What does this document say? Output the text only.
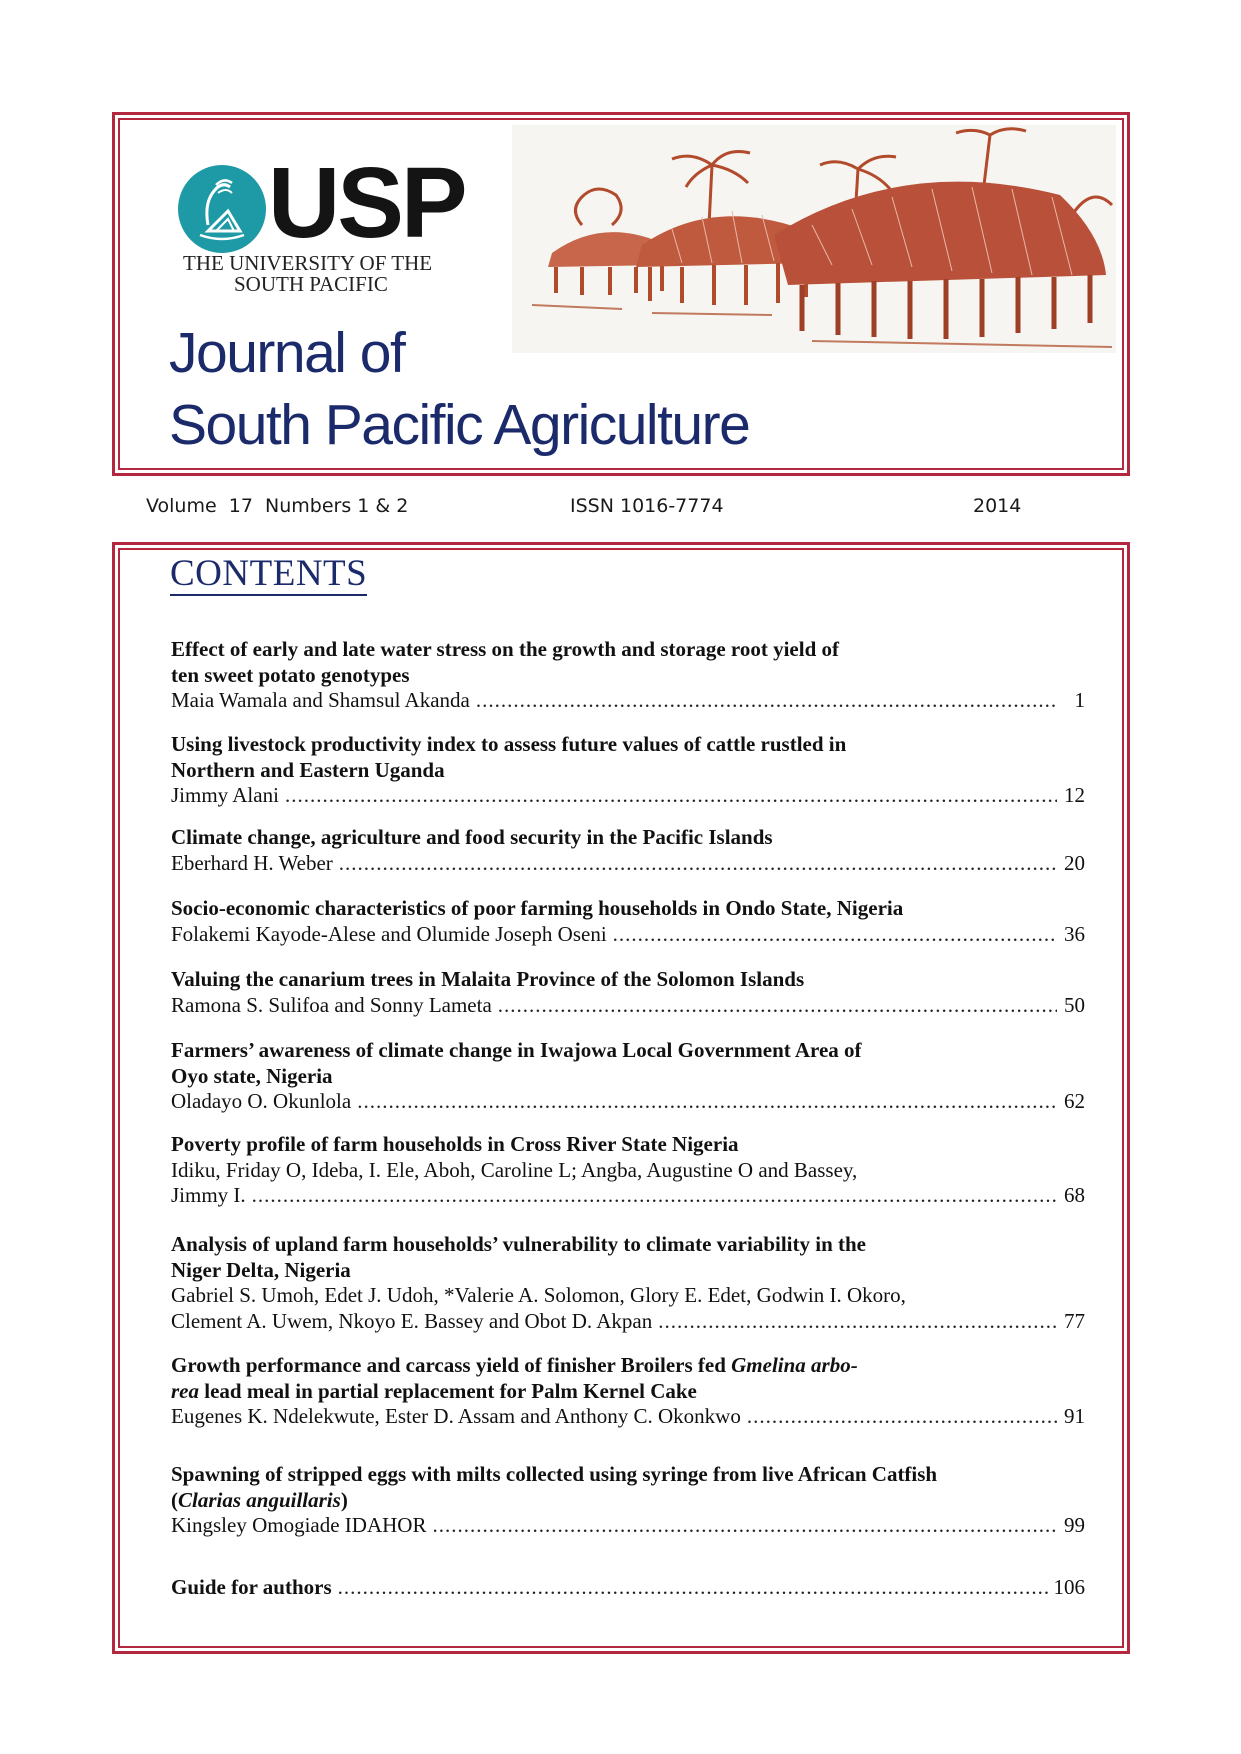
USP
THE UNIVERSITY OF THE
SOUTH PACIFIC
Journal of
South Pacific Agriculture
Volume  17  Numbers 1 & 2	ISSN 1016-7774	2014
CONTENTS
Effect of early and late water stress on the growth and storage root yield of
ten sweet potato genotypes
Maia Wamala and Shamsul Akanda .....	1
Using livestock productivity index to assess future values of cattle rustled in
Northern and Eastern Uganda
Jimmy Alani .....	12
Climate change, agriculture and food security in the Pacific Islands
Eberhard H. Weber .....	20
Socio-economic characteristics of poor farming households in Ondo State, Nigeria
Folakemi Kayode-Alese and Olumide Joseph Oseni .....	36
Valuing the canarium trees in Malaita Province of the Solomon Islands
Ramona S. Sulifoa and Sonny Lameta .....	50
Farmers’ awareness of climate change in Iwajowa Local Government Area of
Oyo state, Nigeria
Oladayo O. Okunlola .....	62
Poverty profile of farm households in Cross River State Nigeria
Idiku, Friday O, Ideba, I. Ele, Aboh, Caroline L; Angba, Augustine O and Bassey,
Jimmy I. .....	68
Analysis of upland farm households’ vulnerability to climate variability in the
Niger Delta, Nigeria
Gabriel S. Umoh, Edet J. Udoh, *Valerie A. Solomon, Glory E. Edet, Godwin I. Okoro,
Clement A. Uwem, Nkoyo E. Bassey and Obot D. Akpan .....	77
Growth performance and carcass yield of finisher Broilers fed Gmelina arbo-
rea lead meal in partial replacement for Palm Kernel Cake
Eugenes K. Ndelekwute, Ester D. Assam and Anthony C. Okonkwo .....	91
Spawning of stripped eggs with milts collected using syringe from live African Catfish
(Clarias anguillaris)
Kingsley Omogiade IDAHOR .....	99
Guide for authors .....	106
